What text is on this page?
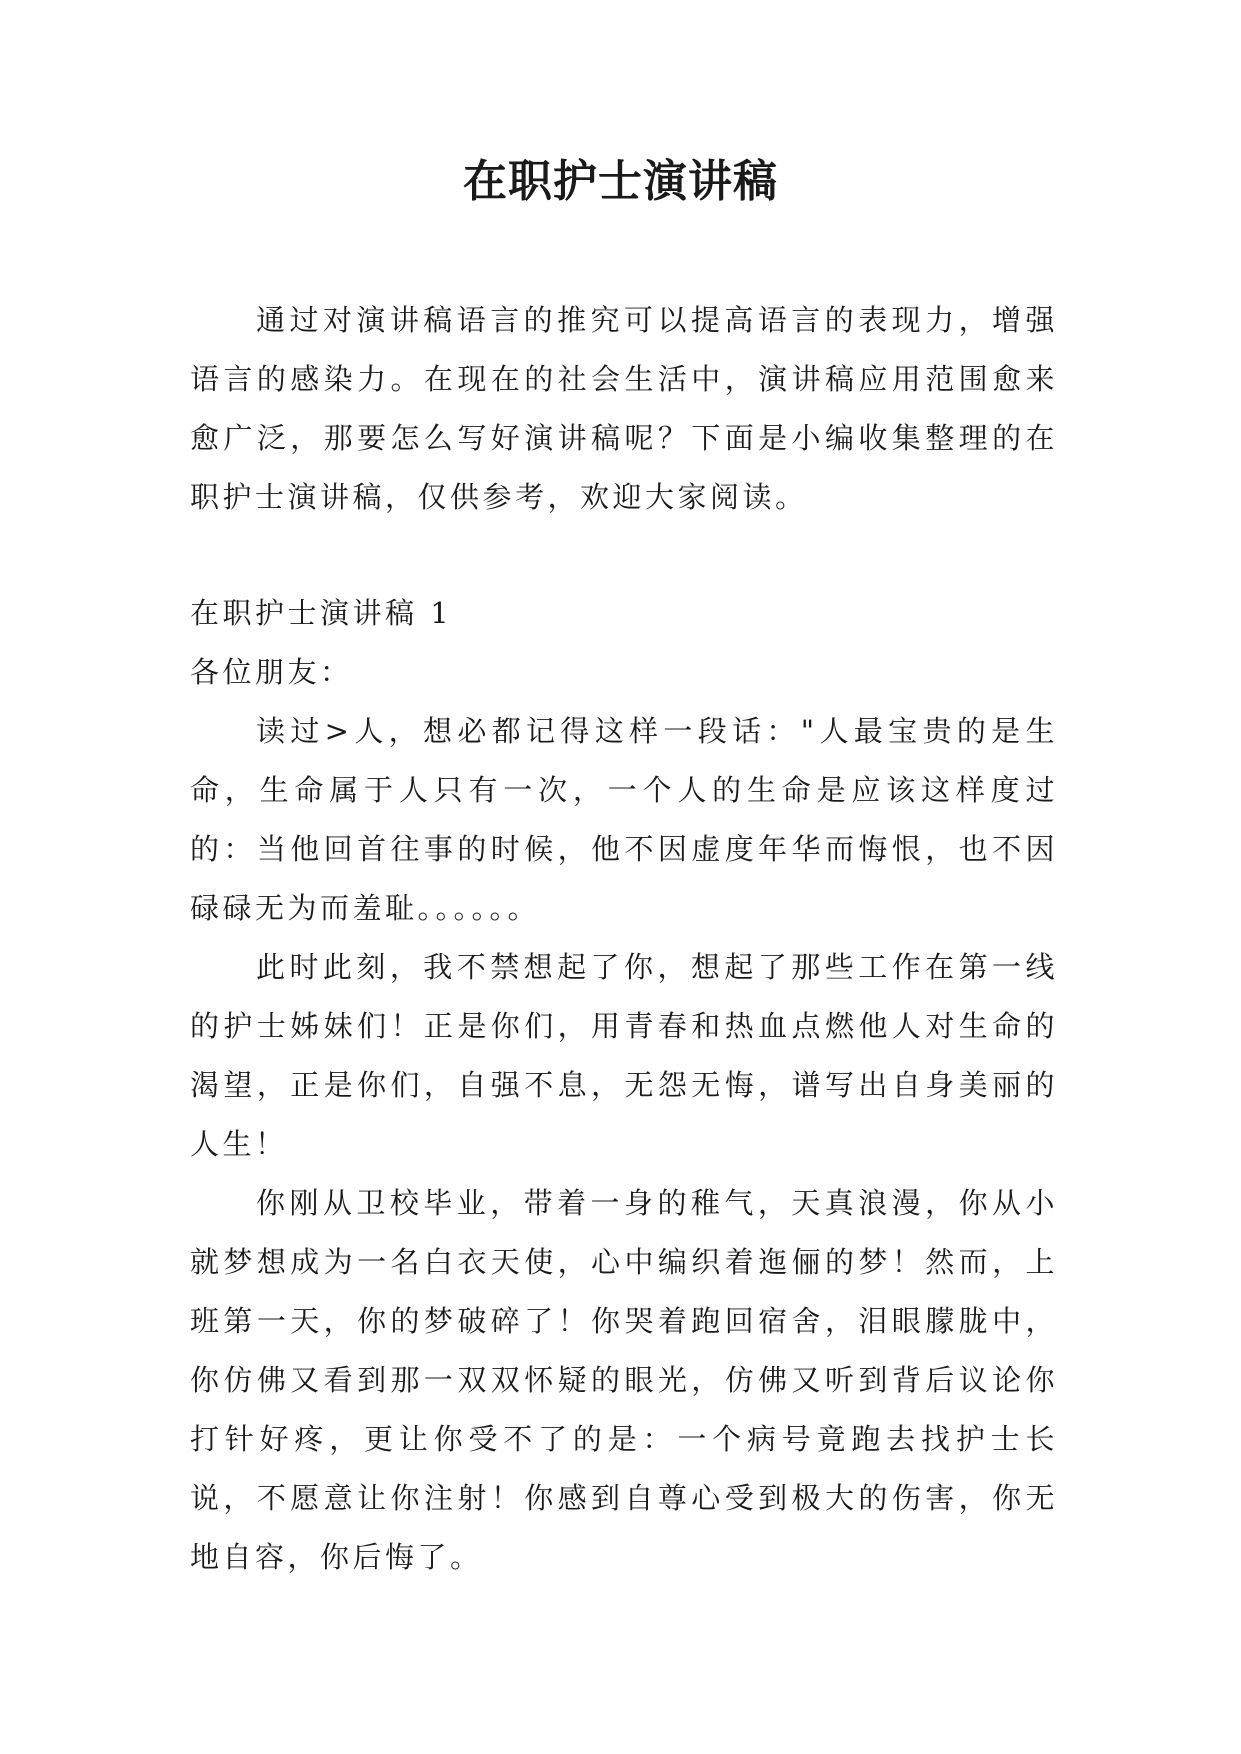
在职护士演讲稿

通过对演讲稿语言的推究可以提高语言的表现力，增强语言的感染力。在现在的社会生活中，演讲稿应用范围愈来愈广泛，那要怎么写好演讲稿呢？下面是小编收集整理的在职护士演讲稿，仅供参考，欢迎大家阅读。

在职护士演讲稿 1

各位朋友：

读过>人，想必都记得这样一段话："人最宝贵的是生命，生命属于人只有一次，一个人的生命是应该这样度过的：当他回首往事的时候，他不因虚度年华而悔恨，也不因碌碌无为而羞耻。。。。。。

此时此刻，我不禁想起了你，想起了那些工作在第一线的护士姊妹们！正是你们，用青春和热血点燃他人对生命的渴望，正是你们，自强不息，无怨无悔，谱写出自身美丽的人生！

你刚从卫校毕业，带着一身的稚气，天真浪漫，你从小就梦想成为一名白衣天使，心中编织着迤俪的梦！然而，上班第一天，你的梦破碎了！你哭着跑回宿舍，泪眼朦胧中，你仿佛又看到那一双双怀疑的眼光，仿佛又听到背后议论你打针好疼，更让你受不了的是：一个病号竟跑去找护士长说，不愿意让你注射！你感到自尊心受到极大的伤害，你无地自容，你后悔了。
